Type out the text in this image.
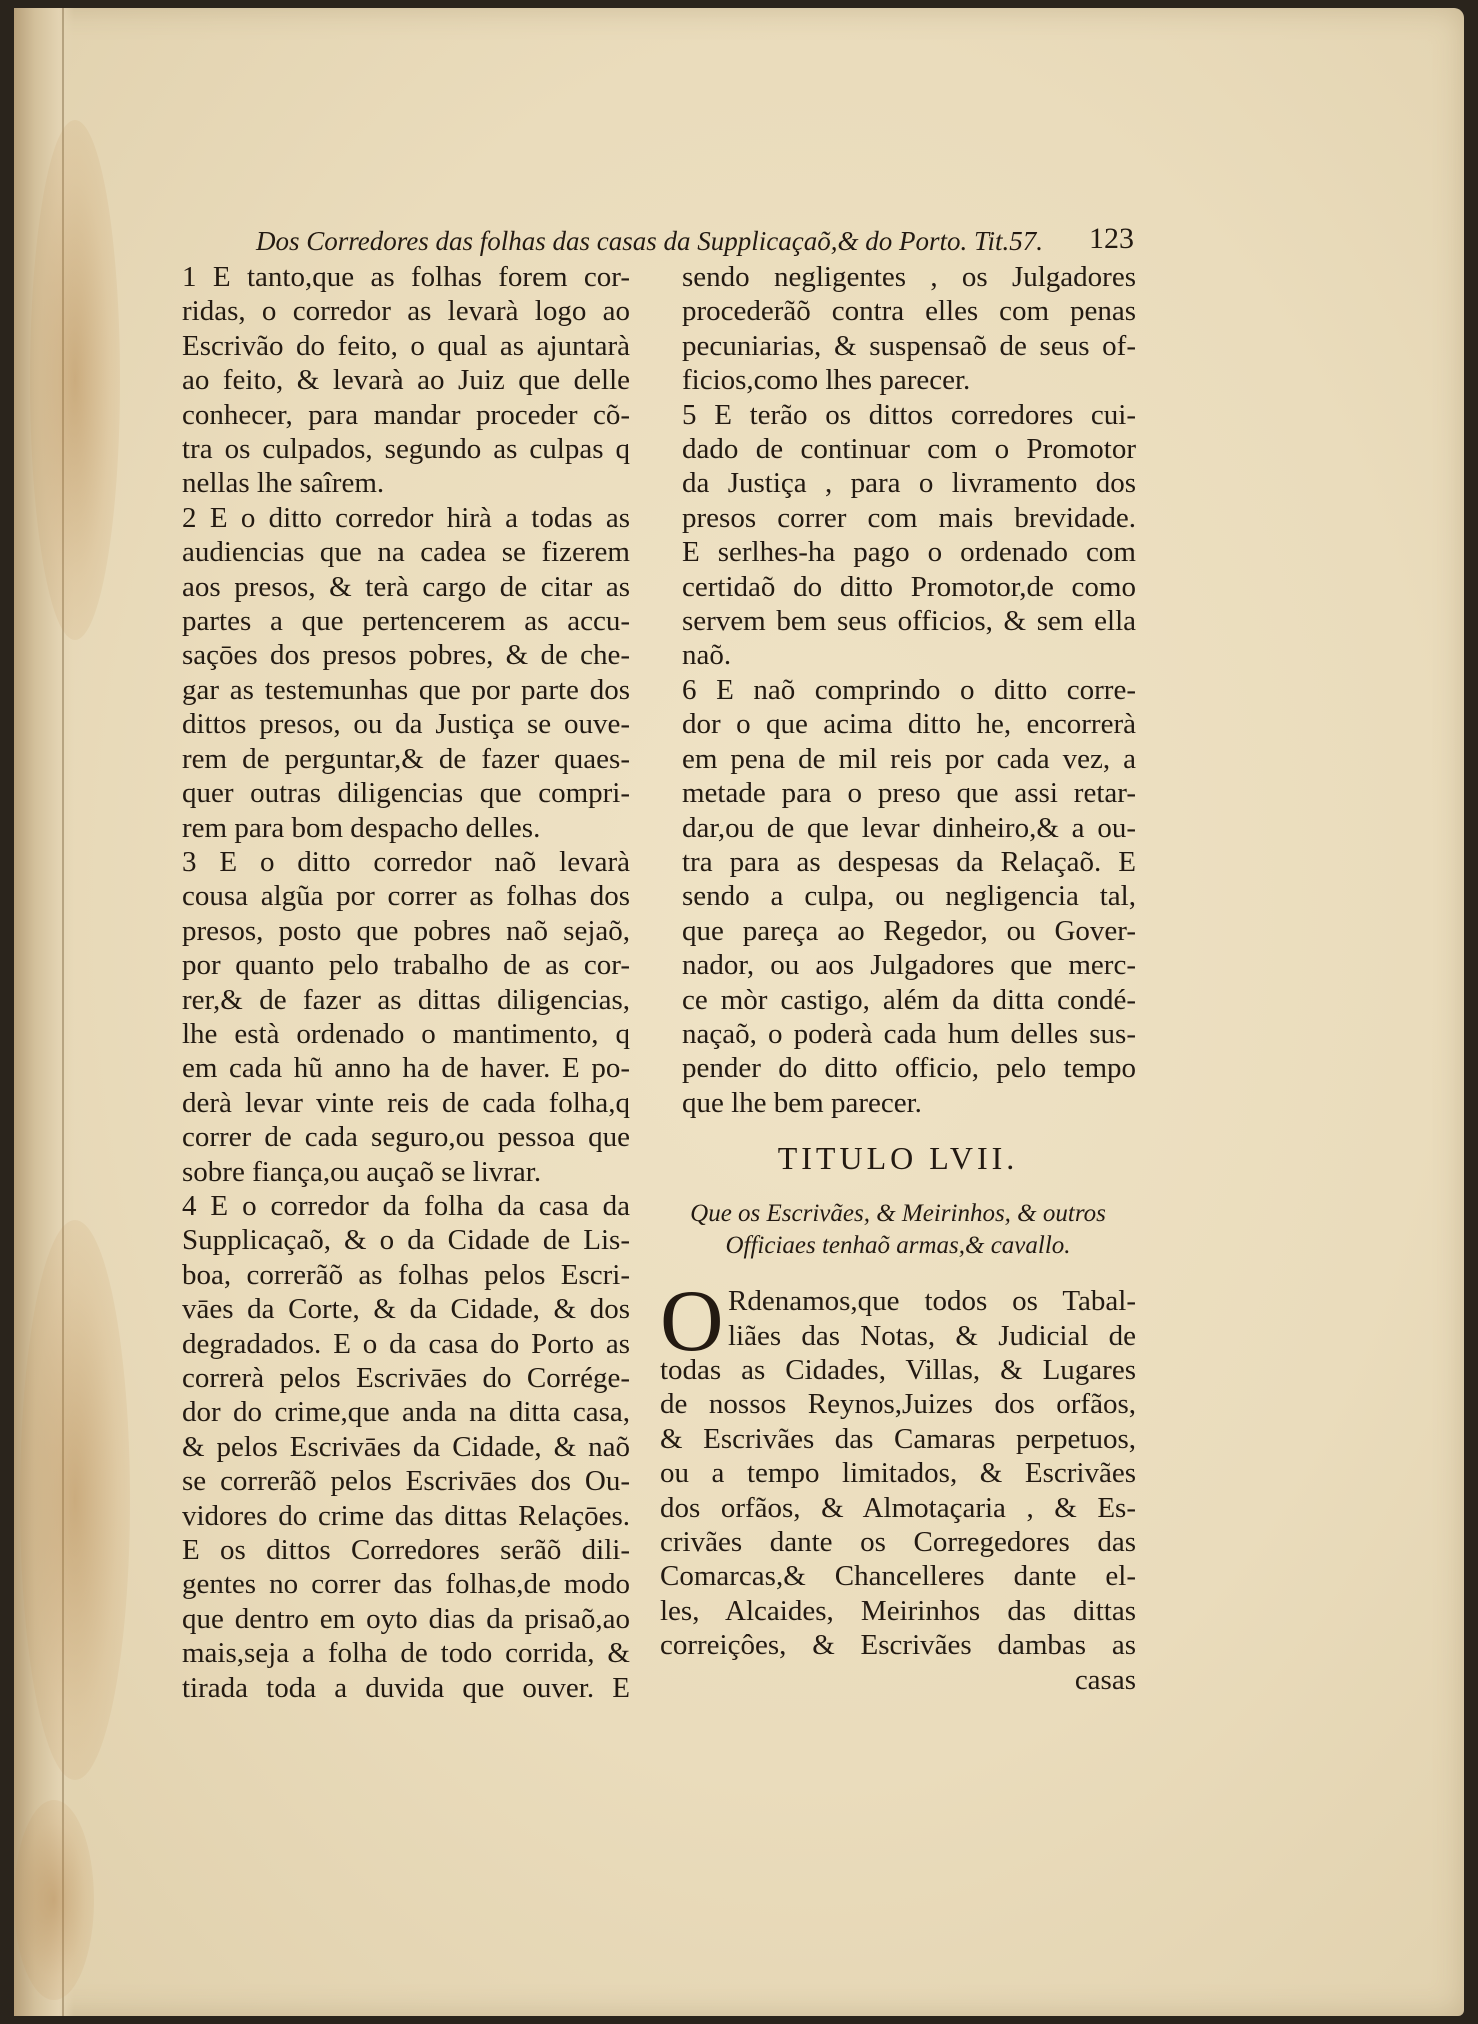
Dos Corredores das folhas das casas da Supplicaçaõ,& do Porto. Tit.57.	123
1 E tanto,que as folhas forem cor-
ridas, o corredor as levarà logo ao
Escrivão do feito, o qual as ajuntarà
ao feito, & levarà ao Juiz que delle
conhecer, para mandar proceder cõ-
tra os culpados, segundo as culpas q
nellas lhe saîrem.
2 E o ditto corredor hirà a todas as
audiencias que na cadea se fizerem
aos presos, & terà cargo de citar as
partes a que pertencerem as accu-
saçōes dos presos pobres, & de che-
gar as testemunhas que por parte dos
dittos presos, ou da Justiça se ouve-
rem de perguntar,& de fazer quaes-
quer outras diligencias que compri-
rem para bom despacho delles.
3 E o ditto corredor naõ levarà
cousa algũa por correr as folhas dos
presos, posto que pobres naõ sejaõ,
por quanto pelo trabalho de as cor-
rer,& de fazer as dittas diligencias,
lhe està ordenado o mantimento, q
em cada hũ anno ha de haver. E po-
derà levar vinte reis de cada folha,q
correr de cada seguro,ou pessoa que
sobre fiança,ou auçaõ se livrar.
4 E o corredor da folha da casa da
Supplicaçaõ, & o da Cidade de Lis-
boa, correrãõ as folhas pelos Escri-
vāes da Corte, & da Cidade, & dos
degradados. E o da casa do Porto as
correrà pelos Escrivāes do Corrége-
dor do crime,que anda na ditta casa,
& pelos Escrivāes da Cidade, & naõ
se correrãõ pelos Escrivāes dos Ou-
vidores do crime das dittas Relaçōes.
E os dittos Corredores serãõ dili-
gentes no correr das folhas,de modo
que dentro em oyto dias da prisaõ,ao
mais,seja a folha de todo corrida, &
tirada toda a duvida que ouver. E
sendo negligentes , os Julgadores
procederãõ contra elles com penas
pecuniarias, & suspensaõ de seus of-
ficios,como lhes parecer.
5 E terão os dittos corredores cui-
dado de continuar com o Promotor
da Justiça , para o livramento dos
presos correr com mais brevidade.
E serlhes-ha pago o ordenado com
certidaõ do ditto Promotor,de como
servem bem seus officios, & sem ella
naõ.
6 E naõ comprindo o ditto corre-
dor o que acima ditto he, encorrerà
em pena de mil reis por cada vez, a
metade para o preso que assi retar-
dar,ou de que levar dinheiro,& a ou-
tra para as despesas da Relaçaõ. E
sendo a culpa, ou negligencia tal,
que pareça ao Regedor, ou Gover-
nador, ou aos Julgadores que merc-
ce mòr castigo, além da ditta condé-
naçaõ, o poderà cada hum delles sus-
pender do ditto officio, pelo tempo
que lhe bem parecer.
TITULO LVII.
Que os Escrivães, & Meirinhos, & outros
Officiaes tenhaõ armas,& cavallo.
O Rdenamos,que todos os Tabal-
liães das Notas, & Judicial de
todas as Cidades, Villas, & Lugares
de nossos Reynos,Juizes dos orfãos,
& Escrivães das Camaras perpetuos,
ou a tempo limitados, & Escrivães
dos orfãos, & Almotaçaria , & Es-
crivães dante os Corregedores das
Comarcas,& Chancelleres dante el-
les, Alcaides, Meirinhos das dittas
correiçôes, & Escrivães dambas as
casas
